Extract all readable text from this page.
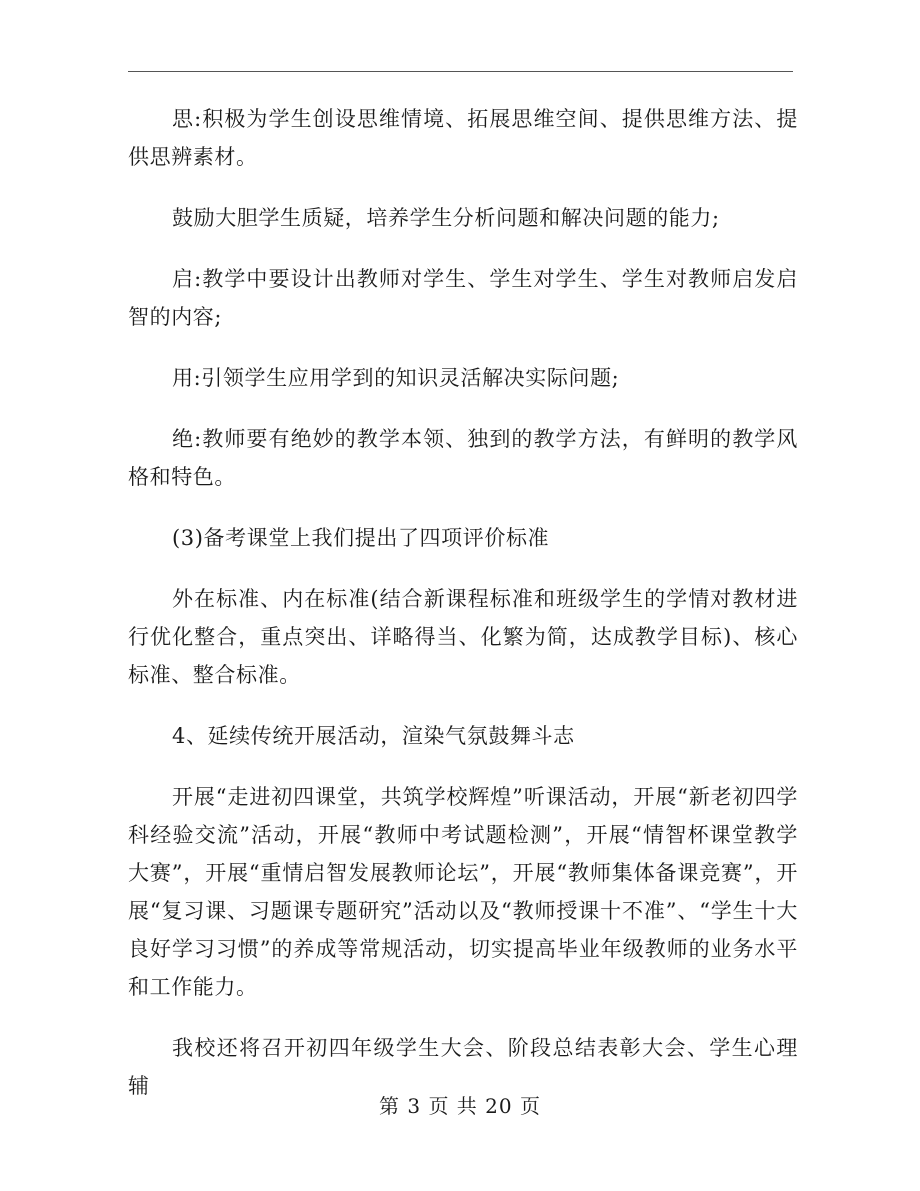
思:积极为学生创设思维情境、拓展思维空间、提供思维方法、提供思辨素材。

鼓励大胆学生质疑，培养学生分析问题和解决问题的能力;

启:教学中要设计出教师对学生、学生对学生、学生对教师启发启智的内容;

用:引领学生应用学到的知识灵活解决实际问题;

绝:教师要有绝妙的教学本领、独到的教学方法，有鲜明的教学风格和特色。

(3)备考课堂上我们提出了四项评价标准

外在标准、内在标准(结合新课程标准和班级学生的学情对教材进行优化整合，重点突出、详略得当、化繁为简，达成教学目标)、核心标准、整合标准。

4、延续传统开展活动，渲染气氛鼓舞斗志

开展“走进初四课堂，共筑学校辉煌”听课活动，开展“新老初四学科经验交流”活动，开展“教师中考试题检测”，开展“情智杯课堂教学大赛”，开展“重情启智发展教师论坛”，开展“教师集体备课竞赛”，开展“复习课、习题课专题研究”活动以及“教师授课十不准”、“学生十大良好学习习惯”的养成等常规活动，切实提高毕业年级教师的业务水平和工作能力。

我校还将召开初四年级学生大会、阶段总结表彰大会、学生心理辅

第 3 页 共 20 页
